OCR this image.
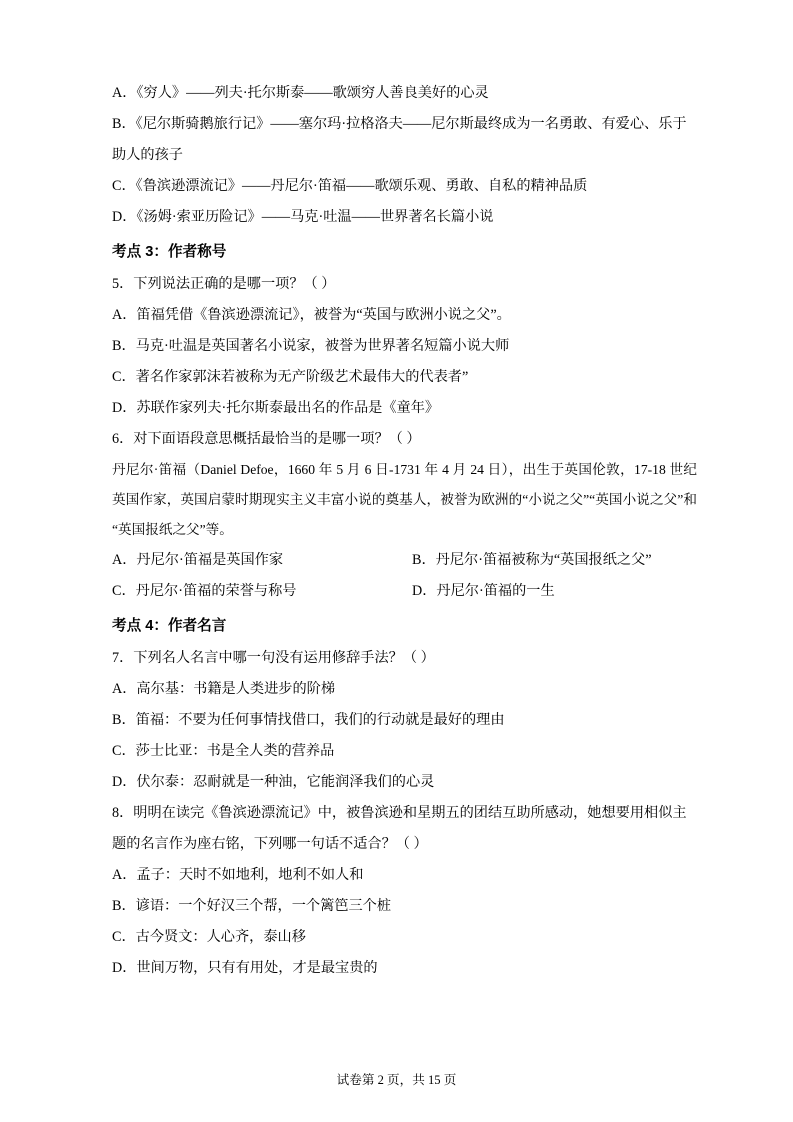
A．《穷人》——列夫·托尔斯泰——歌颂穷人善良美好的心灵
B．《尼尔斯骑鹅旅行记》——塞尔玛·拉格洛夫——尼尔斯最终成为一名勇敢、有爱心、乐于助人的孩子
C．《鲁滨逊漂流记》——丹尼尔·笛福——歌颂乐观、勇敢、自私的精神品质
D．《汤姆·索亚历险记》——马克·吐温——世界著名长篇小说
考点 3：作者称号
5．下列说法正确的是哪一项？（ ）
A．笛福凭借《鲁滨逊漂流记》，被誉为“英国与欧洲小说之父”。
B．马克·吐温是英国著名小说家，被誉为世界著名短篇小说大师
C．著名作家郭沫若被称为无产阶级艺术最伟大的代表者”
D．苏联作家列夫·托尔斯泰最出名的作品是《童年》
6．对下面语段意思概括最恰当的是哪一项？（ ）
丹尼尔·笛福（Daniel Defoe，1660 年 5 月 6 日-1731 年 4 月 24 日），出生于英国伦敦，17-18 世纪英国作家，英国启蒙时期现实主义丰富小说的奠基人，被誉为欧洲的“小说之父”“英国小说之父”和“英国报纸之父”等。
A．丹尼尔·笛福是英国作家	B．丹尼尔·笛福被称为“英国报纸之父”
C．丹尼尔·笛福的荣誉与称号	D．丹尼尔·笛福的一生
考点 4：作者名言
7．下列名人名言中哪一句没有运用修辞手法？（ ）
A．高尔基：书籍是人类进步的阶梯
B．笛福：不要为任何事情找借口，我们的行动就是最好的理由
C．莎士比亚：书是全人类的营养品
D．伏尔泰：忍耐就是一种油，它能润泽我们的心灵
8．明明在读完《鲁滨逊漂流记》中，被鲁滨逊和星期五的团结互助所感动，她想要用相似主题的名言作为座右铭，下列哪一句话不适合？（ ）
A．孟子：天时不如地利，地利不如人和
B．谚语：一个好汉三个帮，一个篱笆三个桩
C．古今贤文：人心齐，泰山移
D．世间万物，只有有用处，才是最宝贵的
试卷第 2 页，共 15 页
